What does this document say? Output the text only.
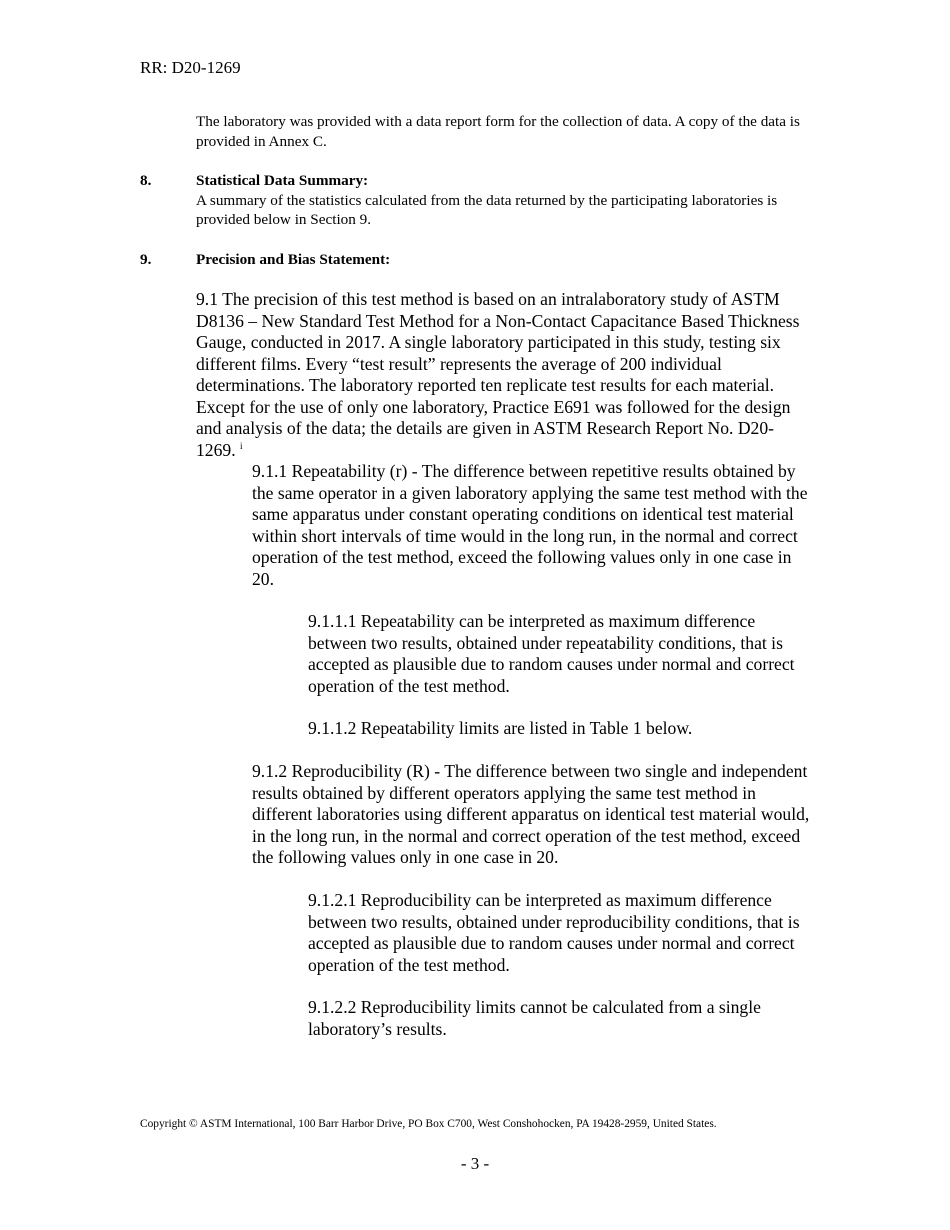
RR: D20-1269

The laboratory was provided with a data report form for the collection of data. A copy of the data is provided in Annex C.

8.	Statistical Data Summary:
A summary of the statistics calculated from the data returned by the participating laboratories is provided below in Section 9.
9.	Precision and Bias Statement:

9.1 The precision of this test method is based on an intralaboratory study of ASTM D8136 – New Standard Test Method for a Non-Contact Capacitance Based Thickness Gauge, conducted in 2017. A single laboratory participated in this study, testing six different films. Every “test result” represents the average of 200 individual determinations. The laboratory reported ten replicate test results for each material. Except for the use of only one laboratory, Practice E691 was followed for the design and analysis of the data; the details are given in ASTM Research Report No. D20-1269. $^i$

9.1.1 Repeatability (r) - The difference between repetitive results obtained by the same operator in a given laboratory applying the same test method with the same apparatus under constant operating conditions on identical test material within short intervals of time would in the long run, in the normal and correct operation of the test method, exceed the following values only in one case in 20.

9.1.1.1 Repeatability can be interpreted as maximum difference between two results, obtained under repeatability conditions, that is accepted as plausible due to random causes under normal and correct operation of the test method.

9.1.1.2 Repeatability limits are listed in Table 1 below.

9.1.2 Reproducibility (R) - The difference between two single and independent results obtained by different operators applying the same test method in different laboratories using different apparatus on identical test material would, in the long run, in the normal and correct operation of the test method, exceed the following values only in one case in 20.

9.1.2.1 Reproducibility can be interpreted as maximum difference between two results, obtained under reproducibility conditions, that is accepted as plausible due to random causes under normal and correct operation of the test method.

9.1.2.2 Reproducibility limits cannot be calculated from a single laboratory’s results.

Copyright © ASTM International, 100 Barr Harbor Drive, PO Box C700, West Conshohocken, PA 19428-2959, United States.
- 3 -
